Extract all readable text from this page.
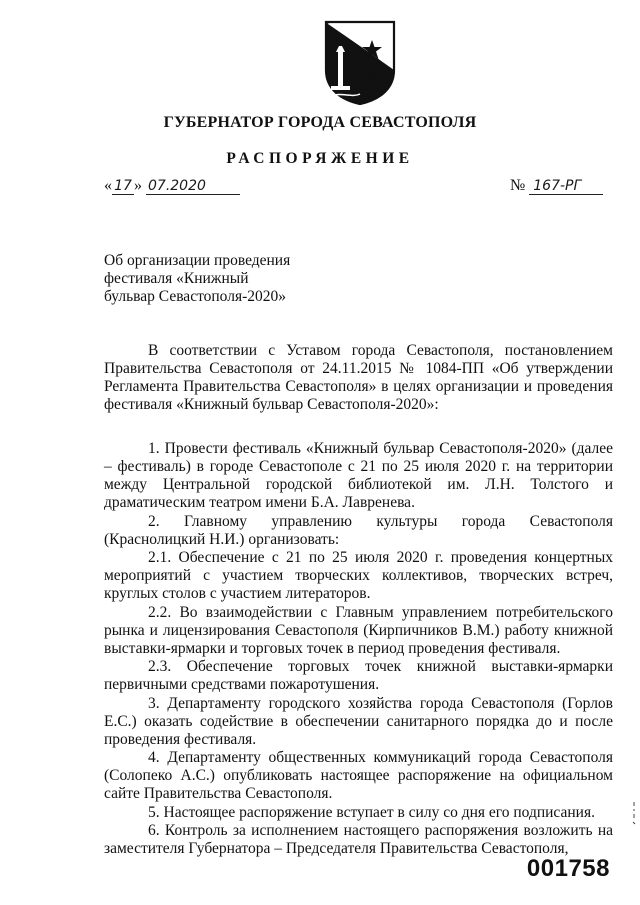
ГУБЕРНАТОР ГОРОДА СЕВАСТОПОЛЯ
РАСПОРЯЖЕНИЕ
« 17 » 07.2020	№ 167-РГ
Об организации проведения
фестиваля «Книжный
бульвар Севастополя-2020»

В соответствии с Уставом города Севастополя, постановлением Правительства Севастополя от 24.11.2015 № 1084-ПП «Об утверждении Регламента Правительства Севастополя» в целях организации и проведения фестиваля «Книжный бульвар Севастополя-2020»:

1. Провести фестиваль «Книжный бульвар Севастополя-2020» (далее – фестиваль) в городе Севастополе с 21 по 25 июля 2020 г. на территории между Центральной городской библиотекой им. Л.Н. Толстого и драматическим театром имени Б.А. Лавренева.

2. Главному управлению культуры города Севастополя (Краснолицкий Н.И.) организовать:

2.1. Обеспечение с 21 по 25 июля 2020 г. проведения концертных мероприятий с участием творческих коллективов, творческих встреч, круглых столов с участием литераторов.

2.2. Во взаимодействии с Главным управлением потребительского рынка и лицензирования Севастополя (Кирпичников В.М.) работу книжной выставки-ярмарки и торговых точек в период проведения фестиваля.

2.3. Обеспечение торговых точек книжной выставки-ярмарки первичными средствами пожаротушения.

3. Департаменту городского хозяйства города Севастополя (Горлов Е.С.) оказать содействие в обеспечении санитарного порядка до и после проведения фестиваля.

4. Департаменту общественных коммуникаций города Севастополя (Солопеко А.С.) опубликовать настоящее распоряжение на официальном сайте Правительства Севастополя.

5. Настоящее распоряжение вступает в силу со дня его подписания.

6. Контроль за исполнением настоящего распоряжения возложить на заместителя Губернатора – Председателя Правительства Севастополя,

001758
